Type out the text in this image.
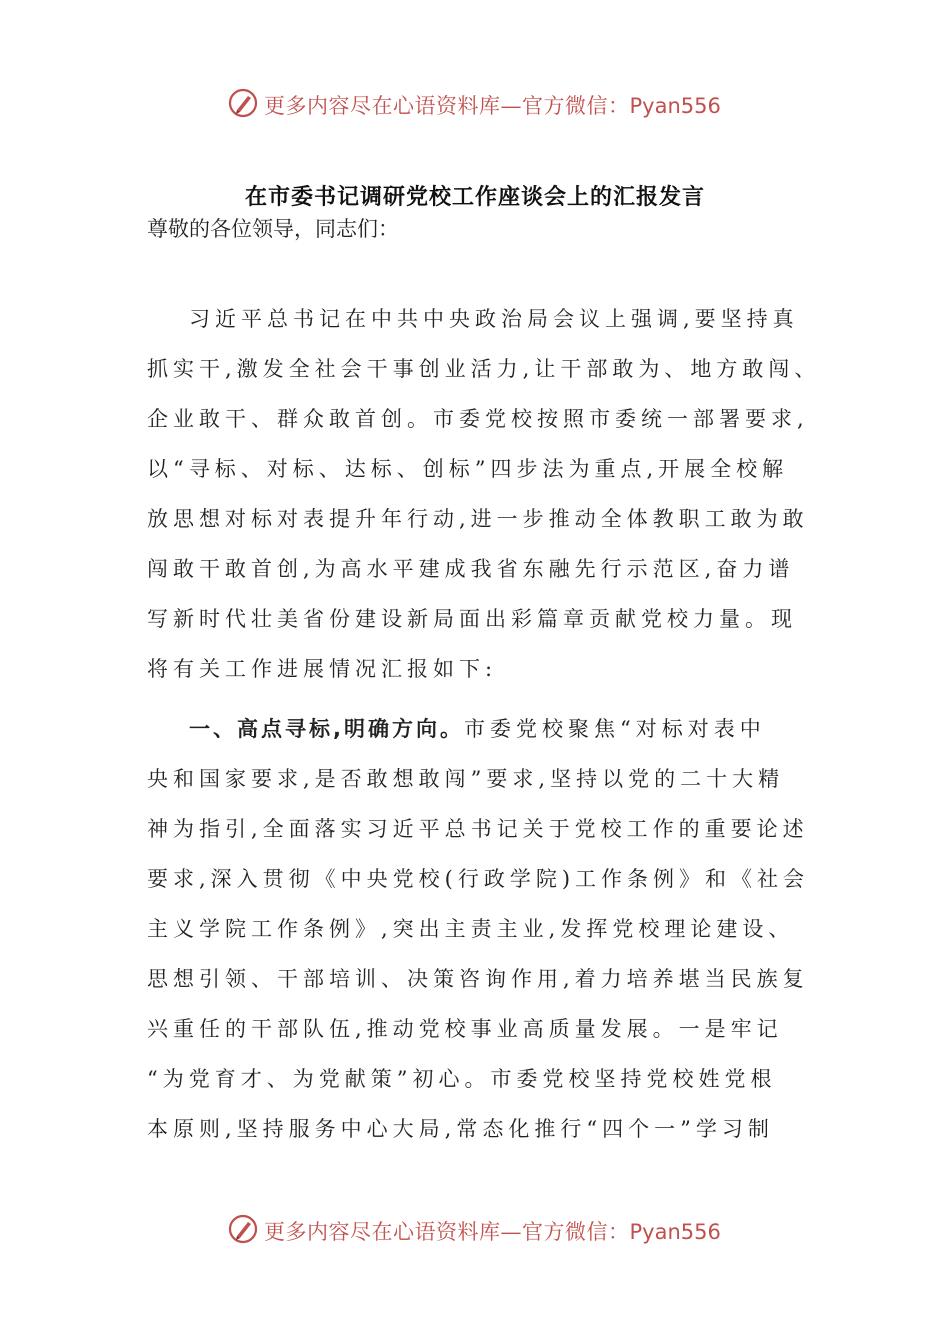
更多内容尽在心语资料库—官方微信：Pyan556
在市委书记调研党校工作座谈会上的汇报发言
尊敬的各位领导，同志们：
习近平总书记在中共中央政治局会议上强调,要坚持真
抓实干,激发全社会干事创业活力,让干部敢为、地方敢闯、
企业敢干、群众敢首创。市委党校按照市委统一部署要求,
以“寻标、对标、达标、创标”四步法为重点,开展全校解
放思想对标对表提升年行动,进一步推动全体教职工敢为敢
闯敢干敢首创,为高水平建成我省东融先行示范区,奋力谱
写新时代壮美省份建设新局面出彩篇章贡献党校力量。现
将有关工作进展情况汇报如下:
一、高点寻标,明确方向。市委党校聚焦“对标对表中
央和国家要求,是否敢想敢闯”要求,坚持以党的二十大精
神为指引,全面落实习近平总书记关于党校工作的重要论述
要求,深入贯彻《中央党校(行政学院)工作条例》和《社会
主义学院工作条例》,突出主责主业,发挥党校理论建设、
思想引领、干部培训、决策咨询作用,着力培养堪当民族复
兴重任的干部队伍,推动党校事业高质量发展。一是牢记
“为党育才、为党献策”初心。市委党校坚持党校姓党根
本原则,坚持服务中心大局,常态化推行“四个一”学习制
更多内容尽在心语资料库—官方微信：Pyan556
